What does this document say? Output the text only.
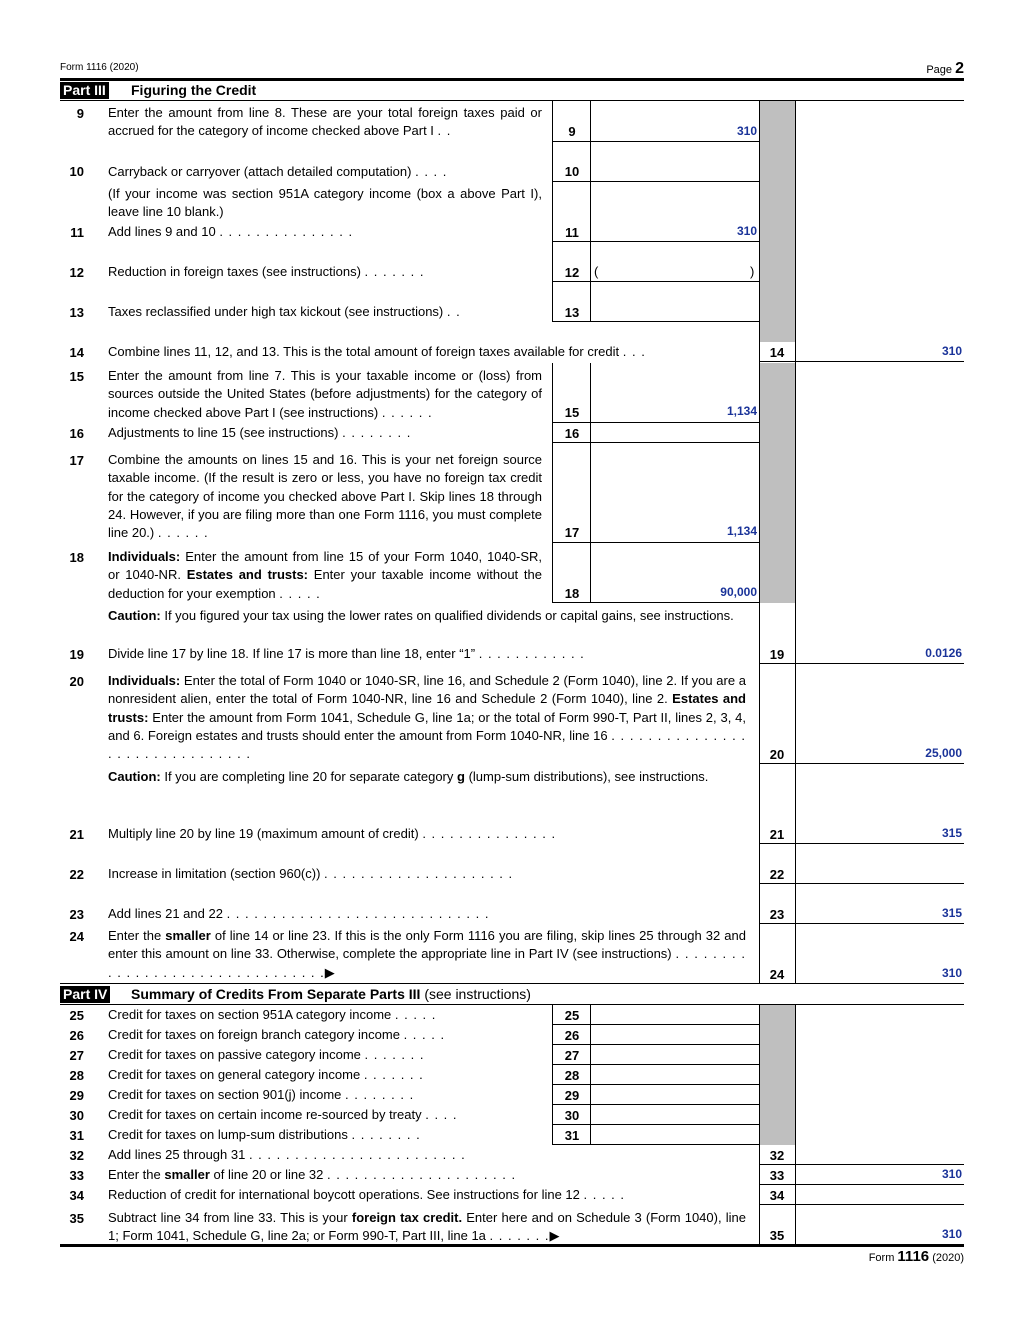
Form 1116 (2020)	Page 2
Part III Figuring the Credit
9 Enter the amount from line 8. These are your total foreign taxes paid or accrued for the category of income checked above Part I . .	9	310
10 Carryback or carryover (attach detailed computation) . . . .	10
(If your income was section 951A category income (box a above Part I), leave line 10 blank.)
11 Add lines 9 and 10 . . . . . . . . . . . . . . .	11	310
12 Reduction in foreign taxes (see instructions) . . . . . . .	12	(	)
13 Taxes reclassified under high tax kickout (see instructions) . .	13
14 Combine lines 11, 12, and 13. This is the total amount of foreign taxes available for credit . . .	14	310
15 Enter the amount from line 7. This is your taxable income or (loss) from sources outside the United States (before adjustments) for the category of income checked above Part I (see instructions) . . . . . .	15	1,134
16 Adjustments to line 15 (see instructions) . . . . . . . .	16
17 Combine the amounts on lines 15 and 16. This is your net foreign source taxable income. (If the result is zero or less, you have no foreign tax credit for the category of income you checked above Part I. Skip lines 18 through 24. However, if you are filing more than one Form 1116, you must complete line 20.) . . . . . .	17	1,134
18 Individuals: Enter the amount from line 15 of your Form 1040, 1040-SR, or 1040-NR. Estates and trusts: Enter your taxable income without the deduction for your exemption . . . . .	18	90,000
Caution: If you figured your tax using the lower rates on qualified dividends or capital gains, see instructions.
19 Divide line 17 by line 18. If line 17 is more than line 18, enter “1” . . . . . . . . . . . .	19	0.0126
20 Individuals: Enter the total of Form 1040 or 1040-SR, line 16, and Schedule 2 (Form 1040), line 2. If you are a nonresident alien, enter the total of Form 1040-NR, line 16 and Schedule 2 (Form 1040), line 2. Estates and trusts: Enter the amount from Form 1041, Schedule G, line 1a; or the total of Form 990-T, Part II, lines 2, 3, 4, and 6. Foreign estates and trusts should enter the amount from Form 1040-NR, line 16 . . . . . . . . . . . . . . . . . . . . . . . . . . . . . . .	20	25,000
Caution: If you are completing line 20 for separate category g (lump-sum distributions), see instructions.
21 Multiply line 20 by line 19 (maximum amount of credit) . . . . . . . . . . . . . . .	21	315
22 Increase in limitation (section 960(c)) . . . . . . . . . . . . . . . . . . . . .	22
23 Add lines 21 and 22 . . . . . . . . . . . . . . . . . . . . . . . . . . . . .	23	315
24 Enter the smaller of line 14 or line 23. If this is the only Form 1116 you are filing, skip lines 25 through 32 and enter this amount on line 33. Otherwise, complete the appropriate line in Part IV (see instructions) . . . . . . . . . . . . . . . . . . . . . . . . . . . . . . . .▶	24	310
Part IV Summary of Credits From Separate Parts III (see instructions)
25 Credit for taxes on section 951A category income . . . . .	25
26 Credit for taxes on foreign branch category income . . . . .	26
27 Credit for taxes on passive category income . . . . . . .	27
28 Credit for taxes on general category income . . . . . . .	28
29 Credit for taxes on section 901(j) income . . . . . . . .	29
30 Credit for taxes on certain income re-sourced by treaty . . . .	30
31 Credit for taxes on lump-sum distributions . . . . . . . .	31
32 Add lines 25 through 31 . . . . . . . . . . . . . . . . . . . . . . . .	32
33 Enter the smaller of line 20 or line 32 . . . . . . . . . . . . . . . . . . . . .	33	310
34 Reduction of credit for international boycott operations. See instructions for line 12 . . . . .	34
35 Subtract line 34 from line 33. This is your foreign tax credit. Enter here and on Schedule 3 (Form 1040), line 1; Form 1041, Schedule G, line 2a; or Form 990-T, Part III, line 1a . . . . . . .▶	35	310
Form 1116 (2020)
